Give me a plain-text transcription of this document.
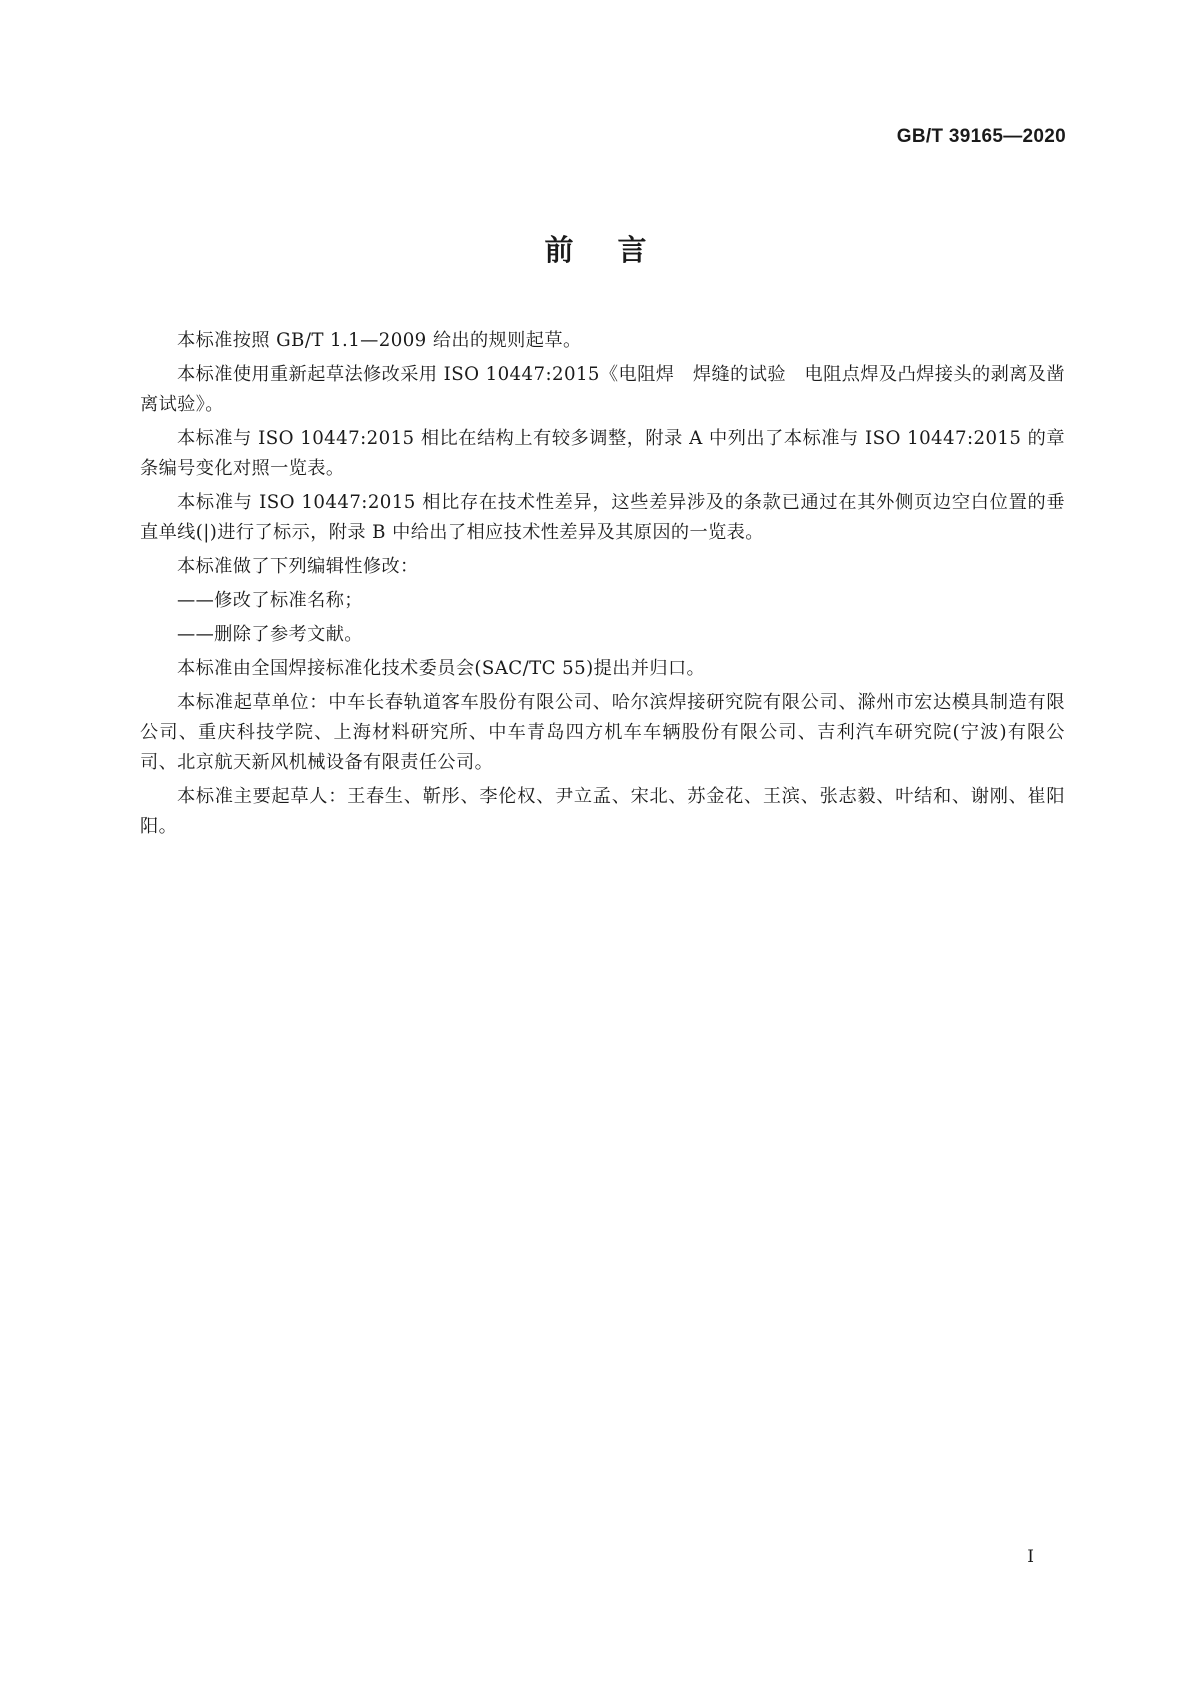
GB/T 39165—2020

前言

本标准按照 GB/T 1.1—2009 给出的规则起草。

本标准使用重新起草法修改采用 ISO 10447:2015《电阻焊　焊缝的试验　电阻点焊及凸焊接头的剥离及凿离试验》。

本标准与 ISO 10447:2015 相比在结构上有较多调整，附录 A 中列出了本标准与 ISO 10447:2015 的章条编号变化对照一览表。

本标准与 ISO 10447:2015 相比存在技术性差异，这些差异涉及的条款已通过在其外侧页边空白位置的垂直单线(|)进行了标示，附录 B 中给出了相应技术性差异及其原因的一览表。

本标准做了下列编辑性修改：

——修改了标准名称；

——删除了参考文献。

本标准由全国焊接标准化技术委员会(SAC/TC 55)提出并归口。

本标准起草单位：中车长春轨道客车股份有限公司、哈尔滨焊接研究院有限公司、滁州市宏达模具制造有限公司、重庆科技学院、上海材料研究所、中车青岛四方机车车辆股份有限公司、吉利汽车研究院(宁波)有限公司、北京航天新风机械设备有限责任公司。

本标准主要起草人：王春生、靳彤、李伦权、尹立孟、宋北、苏金花、王滨、张志毅、叶结和、谢刚、崔阳阳。

I
